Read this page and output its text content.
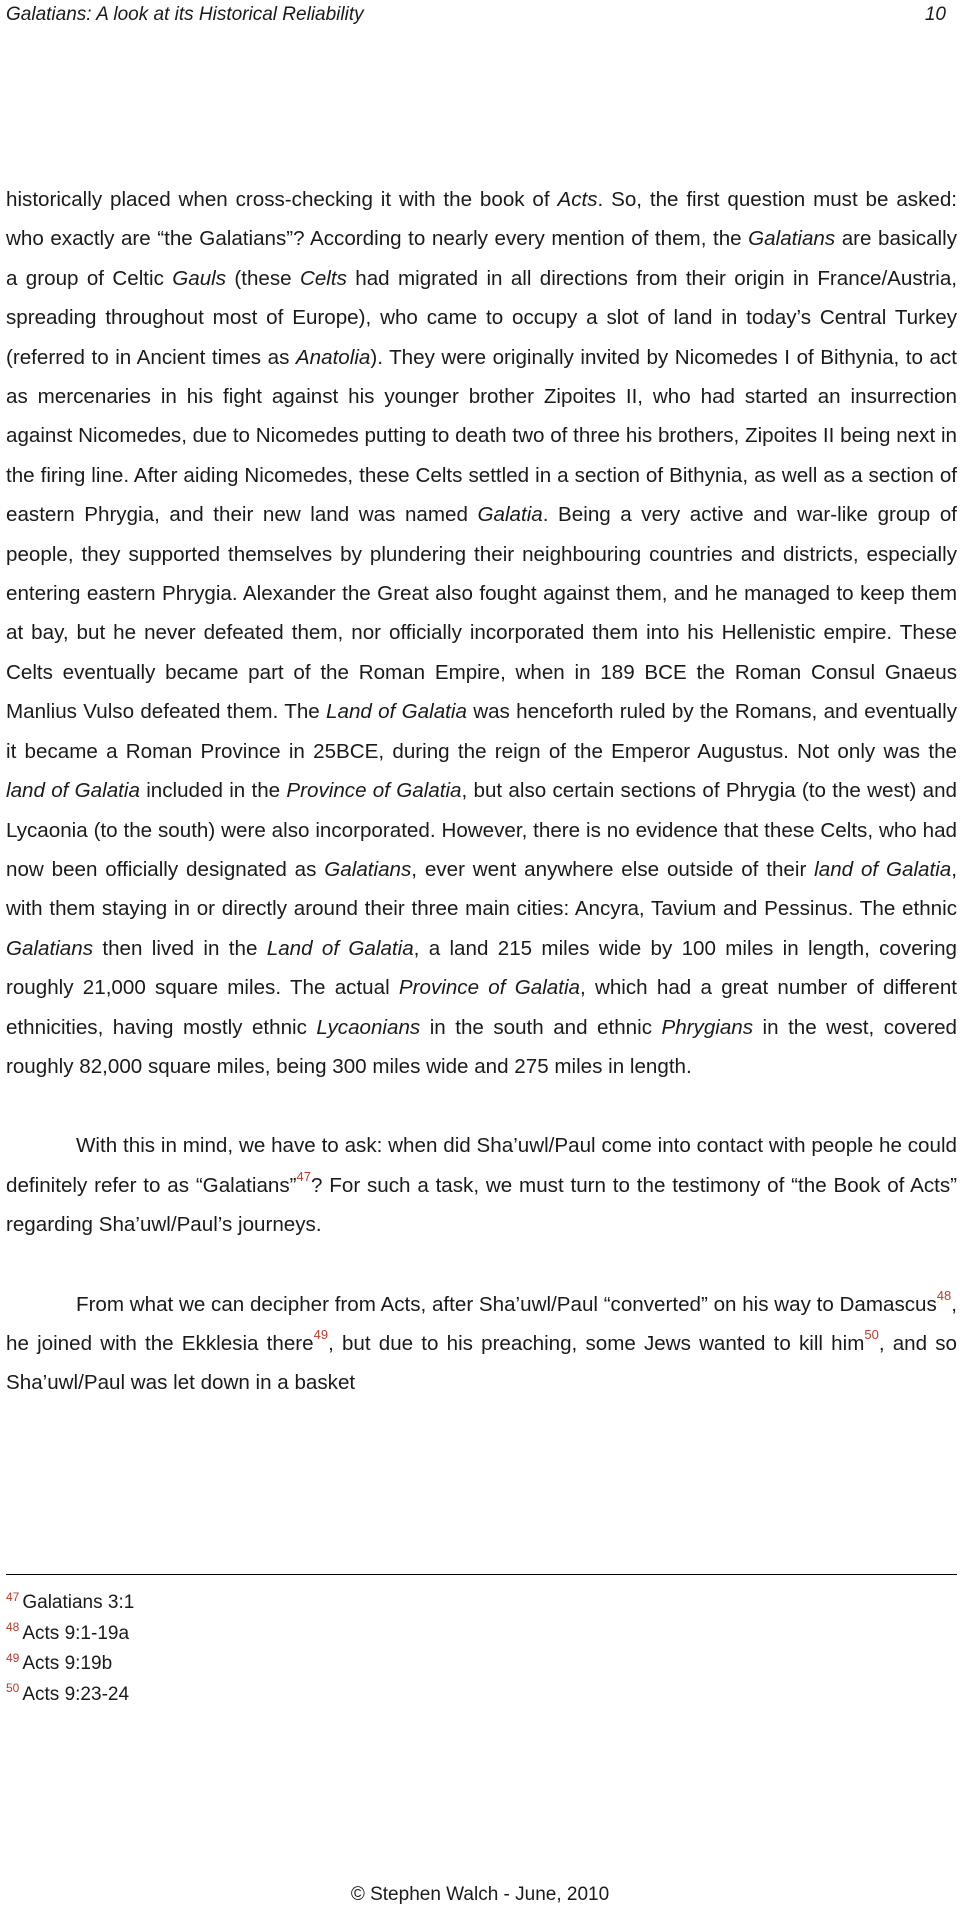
Galatians: A look at its Historical Reliability	10

historically placed when cross-checking it with the book of Acts. So, the first question must be asked: who exactly are “the Galatians”? According to nearly every mention of them, the Galatians are basically a group of Celtic Gauls (these Celts had migrated in all directions from their origin in France/Austria, spreading throughout most of Europe), who came to occupy a slot of land in today’s Central Turkey (referred to in Ancient times as Anatolia). They were originally invited by Nicomedes I of Bithynia, to act as mercenaries in his fight against his younger brother Zipoites II, who had started an insurrection against Nicomedes, due to Nicomedes putting to death two of three his brothers, Zipoites II being next in the firing line. After aiding Nicomedes, these Celts settled in a section of Bithynia, as well as a section of eastern Phrygia, and their new land was named Galatia. Being a very active and war-like group of people, they supported themselves by plundering their neighbouring countries and districts, especially entering eastern Phrygia. Alexander the Great also fought against them, and he managed to keep them at bay, but he never defeated them, nor officially incorporated them into his Hellenistic empire. These Celts eventually became part of the Roman Empire, when in 189 BCE the Roman Consul Gnaeus Manlius Vulso defeated them. The Land of Galatia was henceforth ruled by the Romans, and eventually it became a Roman Province in 25BCE, during the reign of the Emperor Augustus. Not only was the land of Galatia included in the Province of Galatia, but also certain sections of Phrygia (to the west) and Lycaonia (to the south) were also incorporated. However, there is no evidence that these Celts, who had now been officially designated as Galatians, ever went anywhere else outside of their land of Galatia, with them staying in or directly around their three main cities: Ancyra, Tavium and Pessinus. The ethnic Galatians then lived in the Land of Galatia, a land 215 miles wide by 100 miles in length, covering roughly 21,000 square miles. The actual Province of Galatia, which had a great number of different ethnicities, having mostly ethnic Lycaonians in the south and ethnic Phrygians in the west, covered roughly 82,000 square miles, being 300 miles wide and 275 miles in length.

With this in mind, we have to ask: when did Sha’uwl/Paul come into contact with people he could definitely refer to as “Galatians”$^{47}$? For such a task, we must turn to the testimony of “the Book of Acts” regarding Sha’uwl/Paul’s journeys.

From what we can decipher from Acts, after Sha’uwl/Paul “converted” on his way to Damascus$^{48}$, he joined with the Ekklesia there$^{49}$, but due to his preaching, some Jews wanted to kill him$^{50}$, and so Sha’uwl/Paul was let down in a basket

$^{47}$ Galatians 3:1
$^{48}$ Acts 9:1-19a
$^{49}$ Acts 9:19b
$^{50}$ Acts 9:23-24
© Stephen Walch - June, 2010
